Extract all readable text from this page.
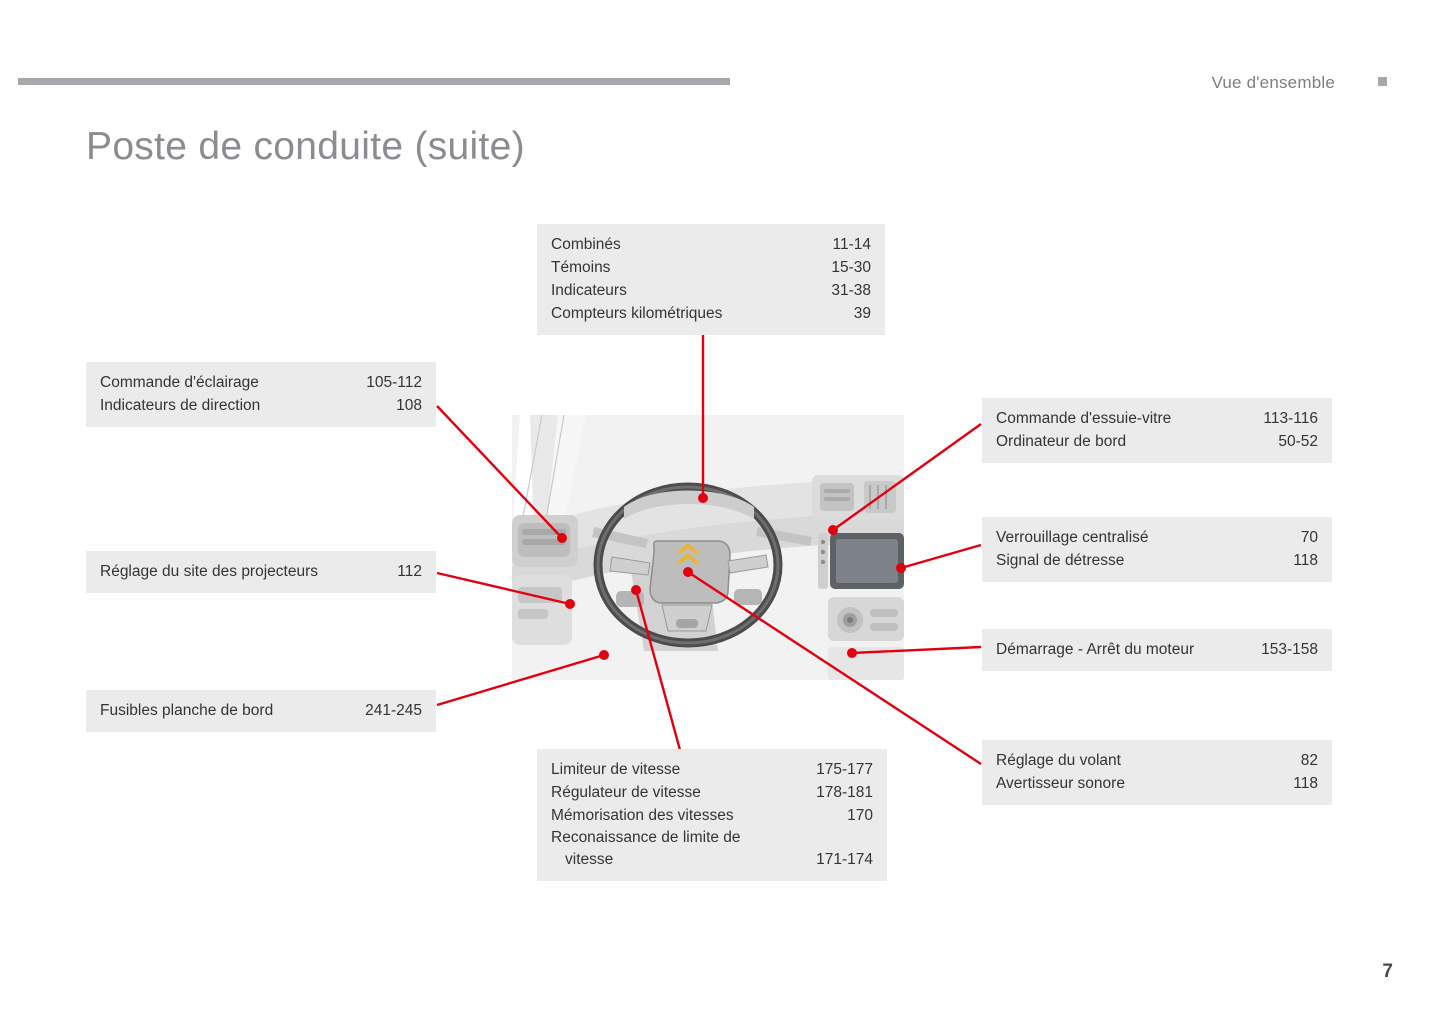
Vue d'ensemble
Poste de conduite (suite)
7
Combinés	11-14
Témoins	15-30
Indicateurs	31-38
Compteurs kilométriques	39
Commande d'éclairage	105-112
Indicateurs de direction	108
Réglage du site des projecteurs	112
Fusibles planche de bord	241-245
Commande d'essuie-vitre	113-116
Ordinateur de bord	50-52
Verrouillage centralisé	70
Signal de détresse	118
Démarrage - Arrêt du moteur	153-158
Réglage du volant	82
Avertisseur sonore	118
Limiteur de vitesse	175-177
Régulateur de vitesse	178-181
Mémorisation des vitesses	170
Reconaissance de limite de
vitesse	171-174
